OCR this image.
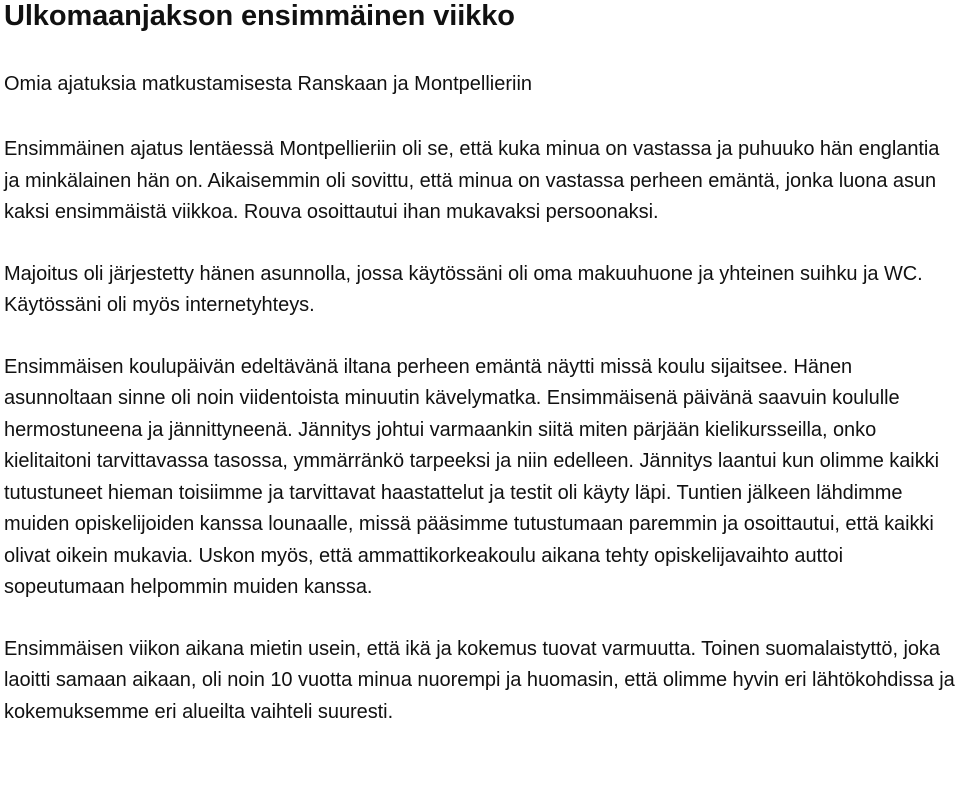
Ulkomaanjakson ensimmäinen viikko
Omia ajatuksia matkustamisesta Ranskaan ja Montpellieriin

Ensimmäinen ajatus lentäessä Montpellieriin oli se, että kuka minua on vastassa ja puhuuko hän englantia ja minkälainen hän on. Aikaisemmin oli sovittu, että minua on vastassa perheen emäntä, jonka luona asun kaksi ensimmäistä viikkoa. Rouva osoittautui ihan mukavaksi persoonaksi.

Majoitus oli järjestetty hänen asunnolla, jossa käytössäni oli oma makuuhuone ja yhteinen suihku ja WC. Käytössäni oli myös internetyhteys.

Ensimmäisen koulupäivän edeltävänä iltana perheen emäntä näytti missä koulu sijaitsee. Hänen asunnoltaan sinne oli noin viidentoista minuutin kävelymatka. Ensimmäisenä päivänä saavuin koululle hermostuneena ja jännittyneenä. Jännitys johtui varmaankin siitä miten pärjään kielikursseilla, onko kielitaitoni tarvittavassa tasossa, ymmärränkö tarpeeksi ja niin edelleen. Jännitys laantui kun olimme kaikki tutustuneet hieman toisiimme ja tarvittavat haastattelut ja testit oli käyty läpi. Tuntien jälkeen lähdimme muiden opiskelijoiden kanssa lounaalle, missä pääsimme tutustumaan paremmin ja osoittautui, että kaikki olivat oikein mukavia. Uskon myös, että ammattikorkeakoulu aikana tehty opiskelijavaihto auttoi sopeutumaan helpommin muiden kanssa.

Ensimmäisen viikon aikana mietin usein, että ikä ja kokemus tuovat varmuutta. Toinen suomalaistyttö, joka laoitti samaan aikaan, oli noin 10 vuotta minua nuorempi ja huomasin, että olimme hyvin eri lähtökohdissa ja kokemuksemme eri alueilta vaihteli suuresti.
